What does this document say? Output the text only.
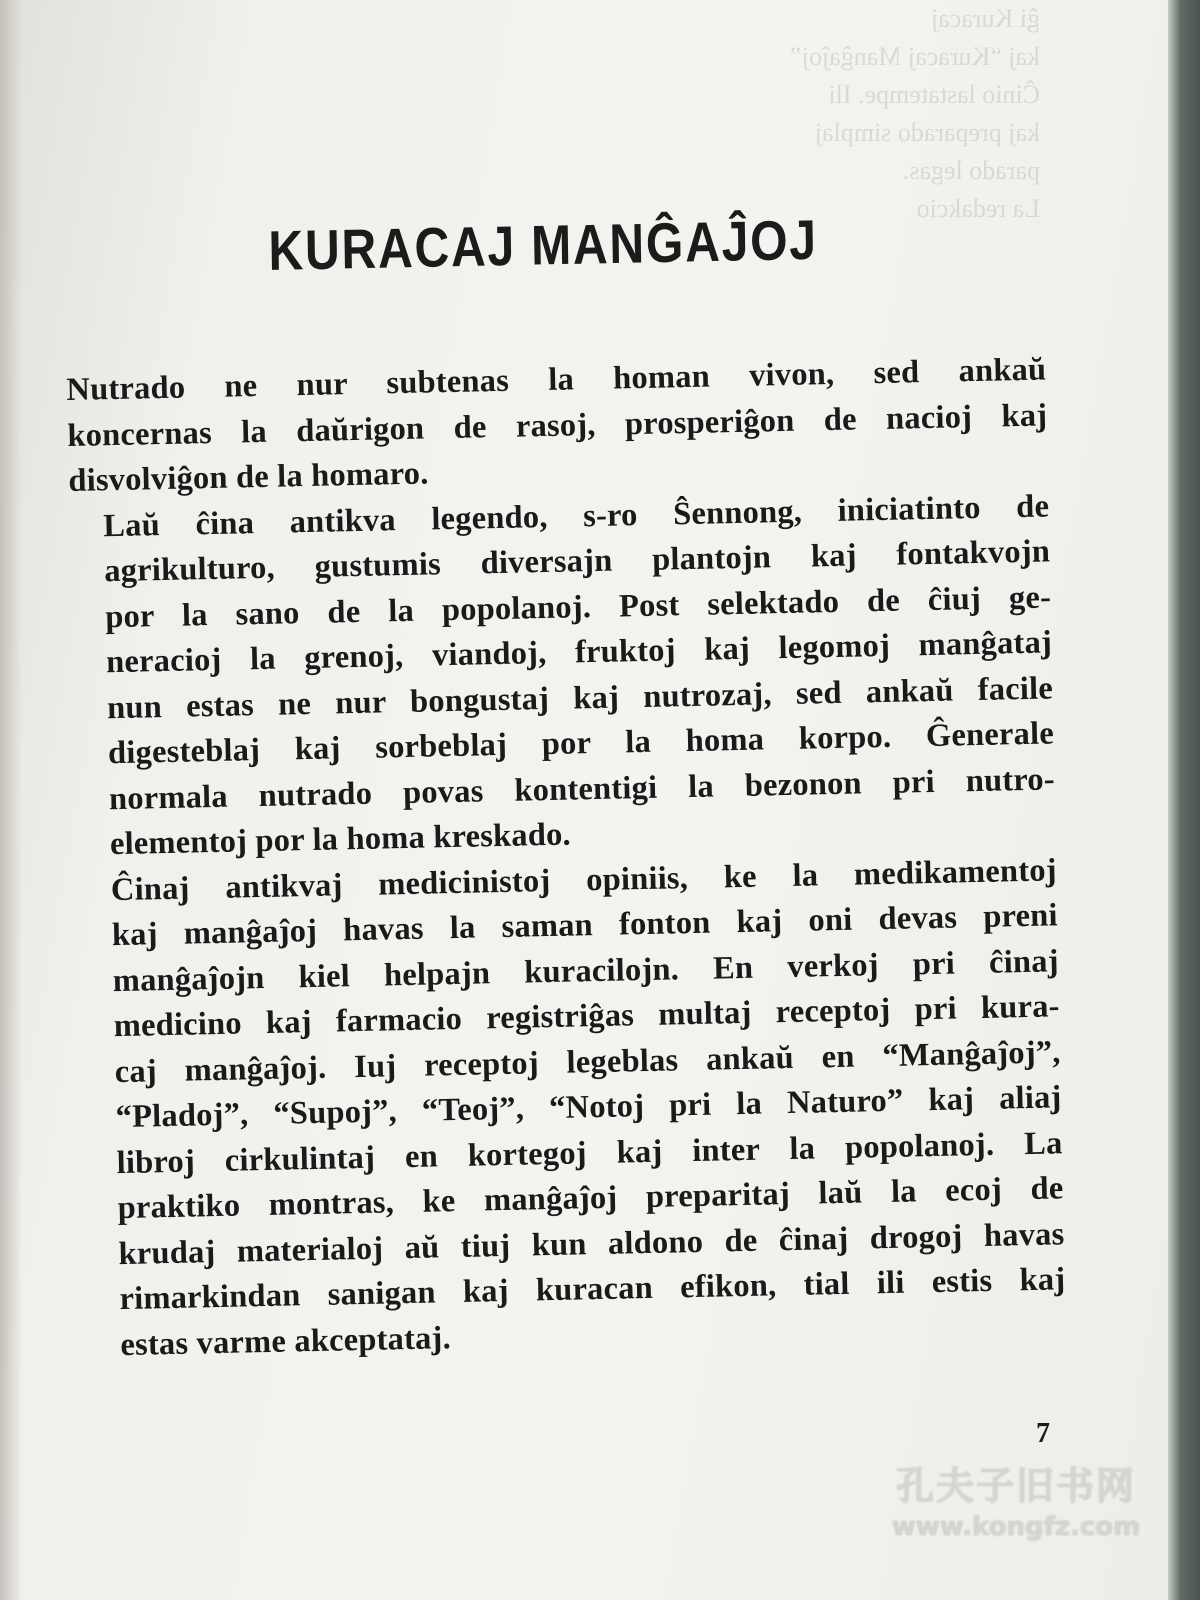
ĝi Kuracaj
kaj “Kuracaj Manĝaĵoj”
Ĉinio lastatempe. Ili
kaj preparado simplaj
parado legas.
La redakcio
KURACAJ MANĜAĴOJ

Nutrado ne nur subtenas la homan vivon, sed ankaŭ
koncernas la daŭrigon de rasoj, prosperiĝon de nacioj kaj
disvolviĝon de la homaro.

Laŭ ĉina antikva legendo, s-ro Ŝennong, iniciatinto de
agrikulturo, gustumis diversajn plantojn kaj fontakvojn
por la sano de la popolanoj. Post selektado de ĉiuj ge-
neracioj la grenoj, viandoj, fruktoj kaj legomoj manĝataj
nun estas ne nur bongustaj kaj nutrozaj, sed ankaŭ facile
digesteblaj kaj sorbeblaj por la homa korpo. Ĝenerale
normala nutrado povas kontentigi la bezonon pri nutro-
elementoj por la homa kreskado.

Ĉinaj antikvaj medicinistoj opiniis, ke la medikamentoj
kaj manĝaĵoj havas la saman fonton kaj oni devas preni
manĝaĵojn kiel helpajn kuracilojn. En verkoj pri ĉinaj
medicino kaj farmacio registriĝas multaj receptoj pri kura-
caj manĝaĵoj. Iuj receptoj legeblas ankaŭ en “Manĝaĵoj”,
“Pladoj”, “Supoj”, “Teoj”, “Notoj pri la Naturo” kaj aliaj
libroj cirkulintaj en kortegoj kaj inter la popolanoj. La
praktiko montras, ke manĝaĵoj preparitaj laŭ la ecoj de
krudaj materialoj aŭ tiuj kun aldono de ĉinaj drogoj havas
rimarkindan sanigan kaj kuracan efikon, tial ili estis kaj
estas varme akceptataj.

7
孔夫子旧书网
www.kongfz.com
